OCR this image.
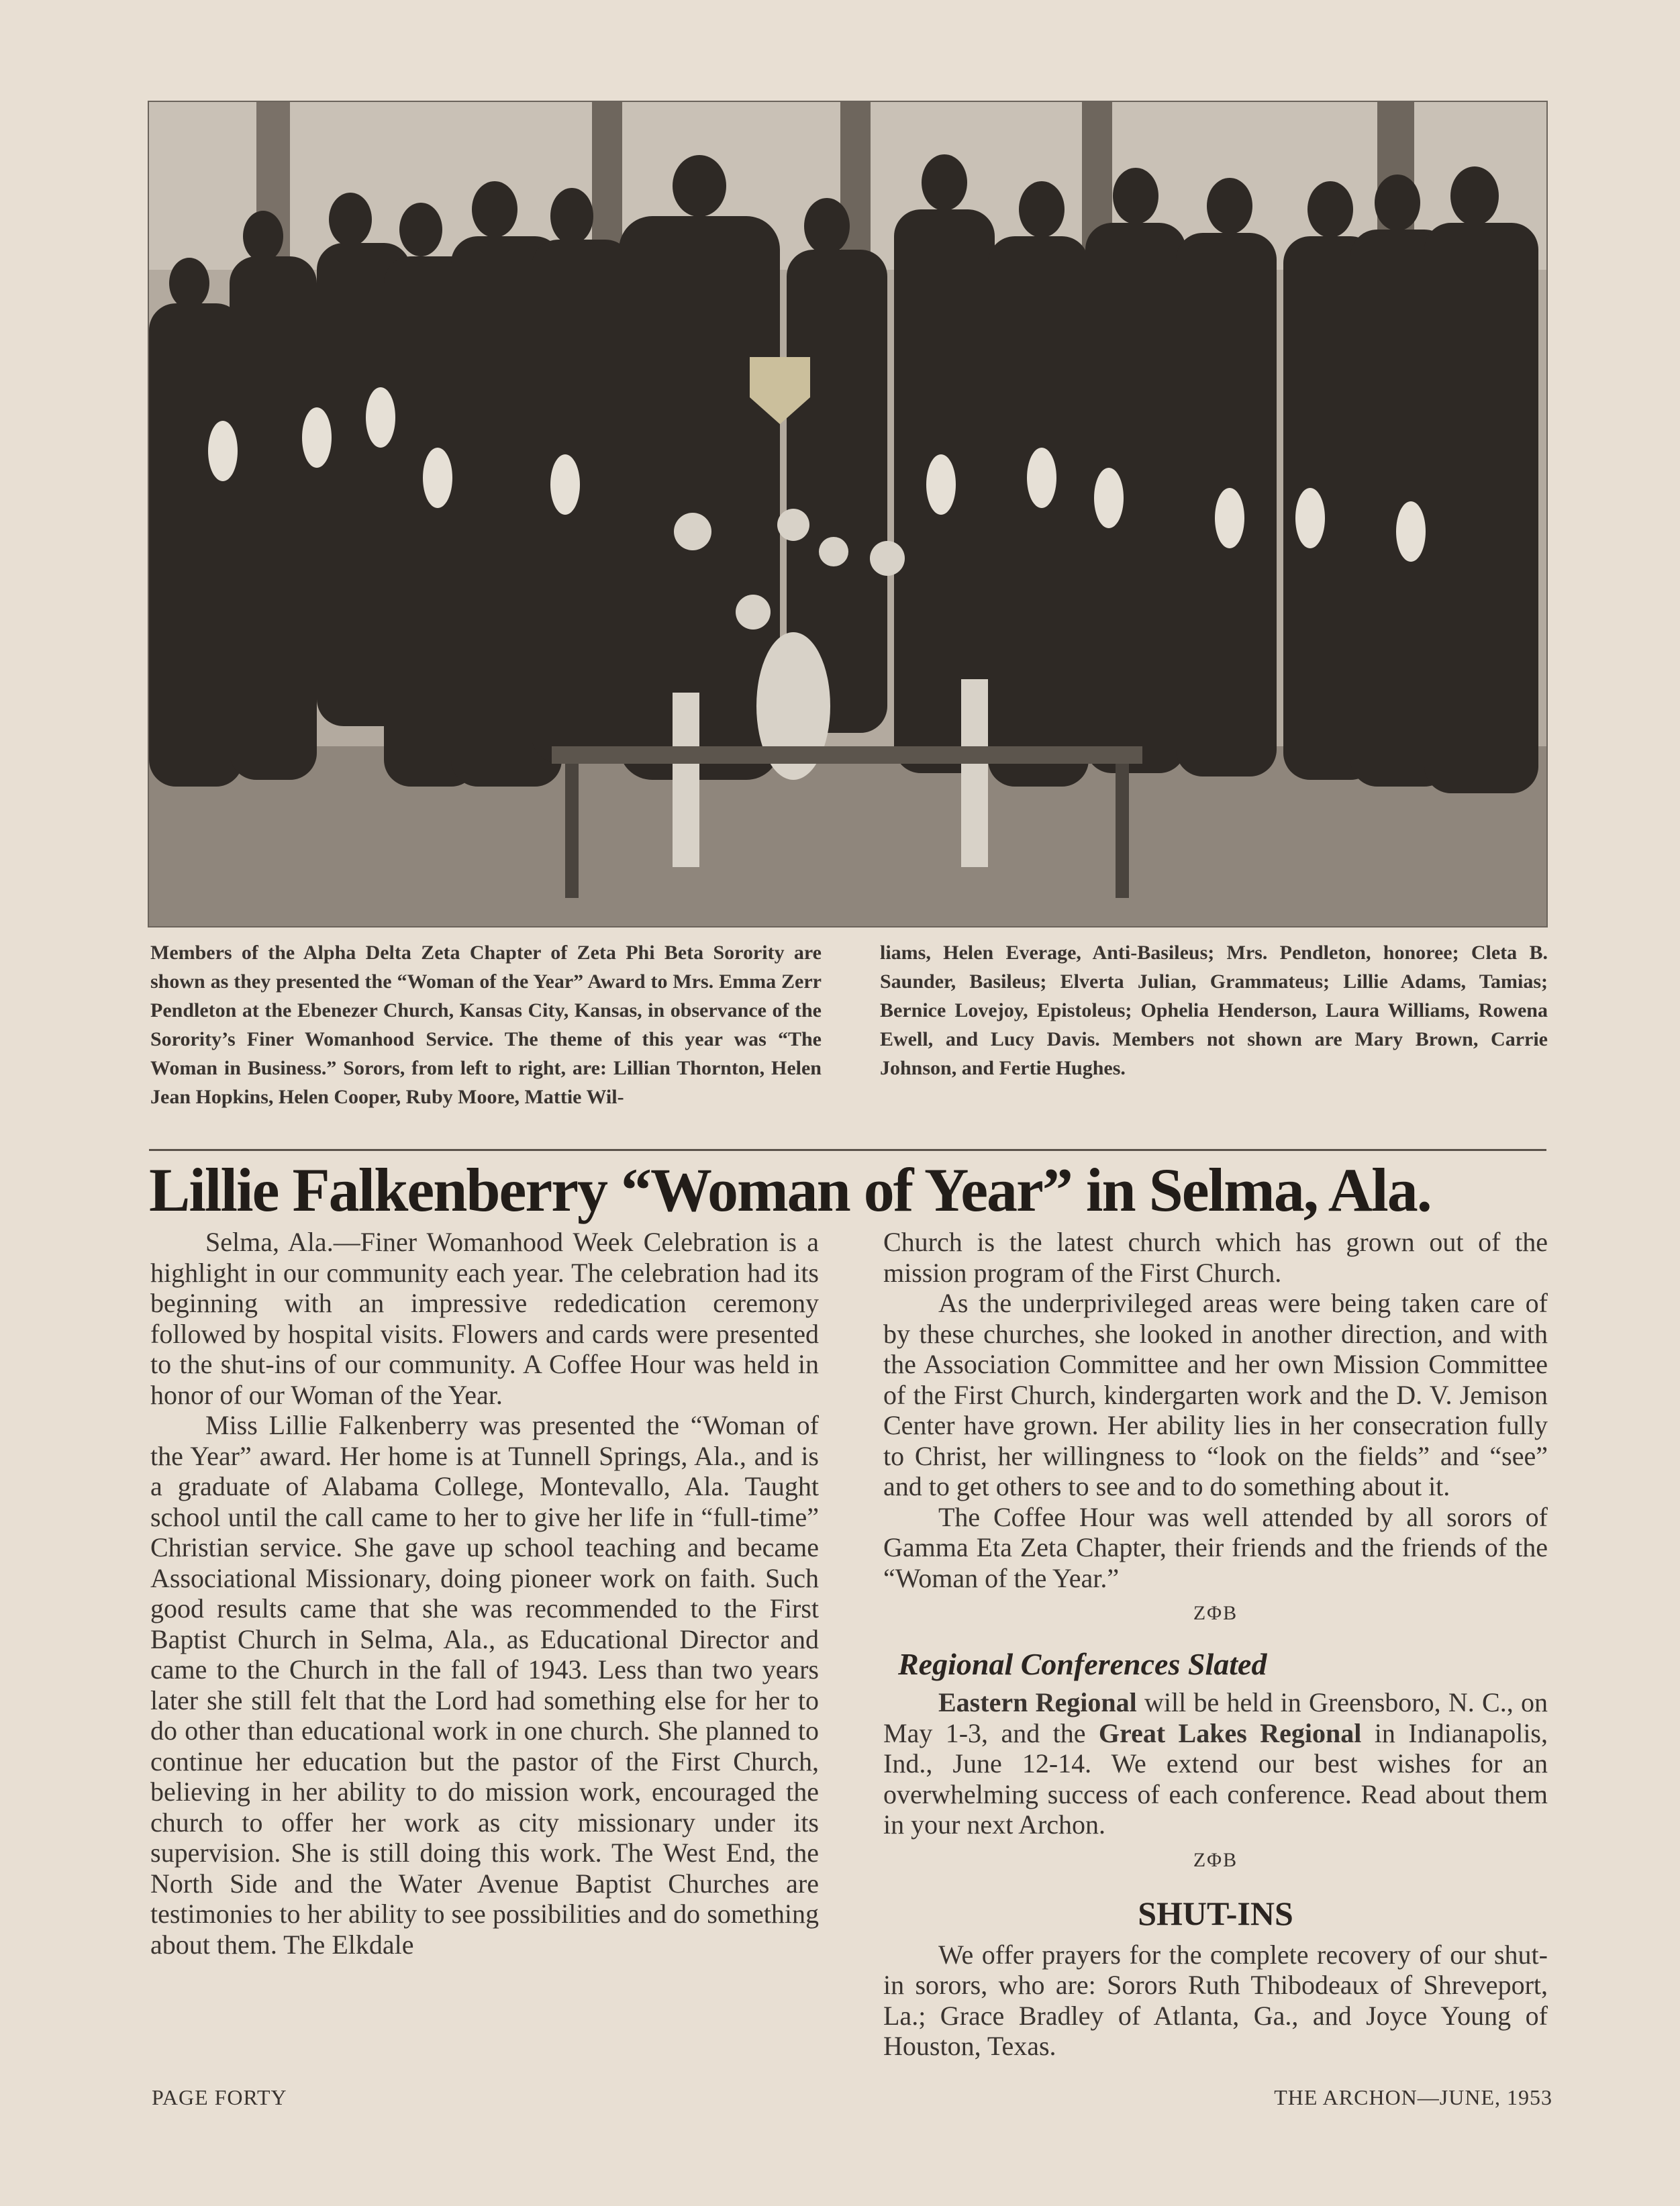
Members of the Alpha Delta Zeta Chapter of Zeta Phi Beta Sorority are shown as they presented the “Woman of the Year” Award to Mrs. Emma Zerr Pendleton at the Ebenezer Church, Kansas City, Kansas, in observance of the Sorority’s Finer Womanhood Service. The theme of this year was “The Woman in Business.” Sorors, from left to right, are: Lillian Thornton, Helen Jean Hopkins, Helen Cooper, Ruby Moore, Mattie Wil-
liams, Helen Everage, Anti-Basileus; Mrs. Pendleton, honoree; Cleta B. Saunder, Basileus; Elverta Julian, Grammateus; Lillie Adams, Tamias; Bernice Lovejoy, Epistoleus; Ophelia Henderson, Laura Williams, Rowena Ewell, and Lucy Davis. Members not shown are Mary Brown, Carrie Johnson, and Fertie Hughes.
Lillie Falkenberry “Woman of Year” in Selma, Ala.

Selma, Ala.—Finer Womanhood Week Celebration is a highlight in our community each year. The celebration had its beginning with an impressive rededication ceremony followed by hospital visits. Flowers and cards were presented to the shut-ins of our community. A Coffee Hour was held in honor of our Woman of the Year.

Miss Lillie Falkenberry was presented the “Woman of the Year” award. Her home is at Tunnell Springs, Ala., and is a graduate of Alabama College, Montevallo, Ala. Taught school until the call came to her to give her life in “full-time” Christian service. She gave up school teaching and became Associational Missionary, doing pioneer work on faith. Such good results came that she was recommended to the First Baptist Church in Selma, Ala., as Educational Director and came to the Church in the fall of 1943. Less than two years later she still felt that the Lord had something else for her to do other than educational work in one church. She planned to continue her education but the pastor of the First Church, believing in her ability to do mission work, encouraged the church to offer her work as city missionary under its supervision. She is still doing this work. The West End, the North Side and the Water Avenue Baptist Churches are testimonies to her ability to see possibilities and do something about them. The Elkdale

Church is the latest church which has grown out of the mission program of the First Church.

As the underprivileged areas were being taken care of by these churches, she looked in another direction, and with the Association Committee and her own Mission Committee of the First Church, kindergarten work and the D. V. Jemison Center have grown. Her ability lies in her consecration fully to Christ, her willingness to “look on the fields” and “see” and to get others to see and to do something about it.

The Coffee Hour was well attended by all sorors of Gamma Eta Zeta Chapter, their friends and the friends of the “Woman of the Year.”

ΖΦΒ
Regional Conferences Slated

Eastern Regional will be held in Greensboro, N. C., on May 1-3, and the Great Lakes Regional in Indianapolis, Ind., June 12-14. We extend our best wishes for an overwhelming success of each conference. Read about them in your next Archon.

ΖΦΒ
SHUT-INS

We offer prayers for the complete recovery of our shut-in sorors, who are: Sorors Ruth Thibodeaux of Shreveport, La.; Grace Bradley of Atlanta, Ga., and Joyce Young of Houston, Texas.

PAGE FORTY	THE ARCHON—JUNE, 1953
